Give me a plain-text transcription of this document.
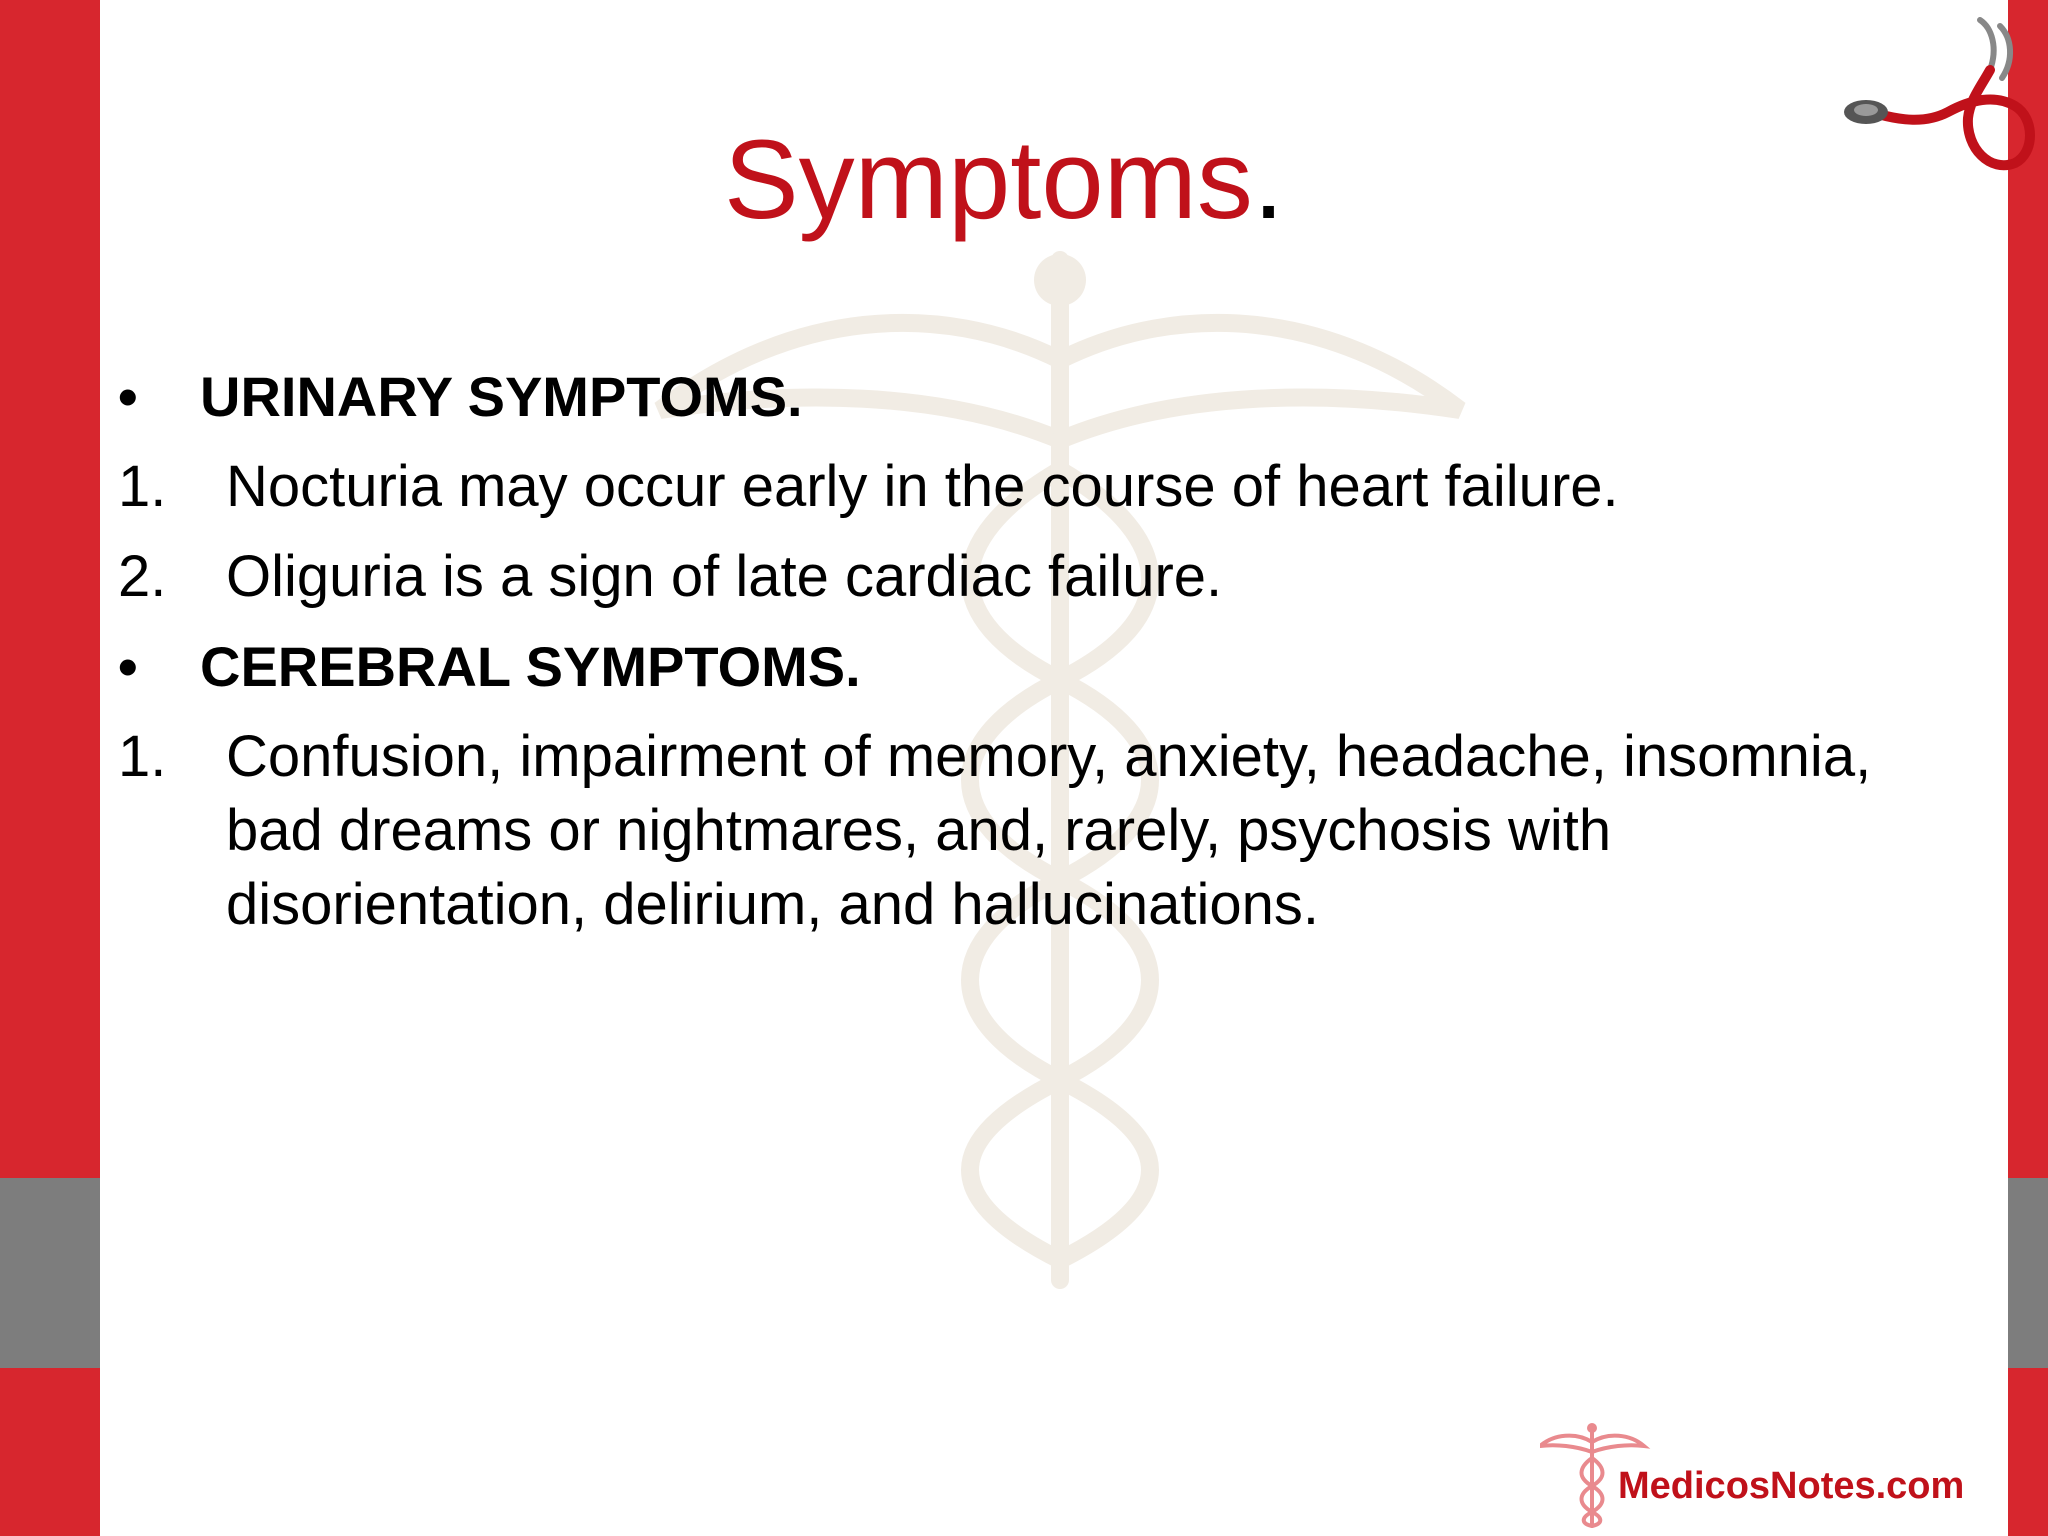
Symptoms.
•	URINARY SYMPTOMS.
1.	Nocturia may occur early in the course of heart failure.
2.	Oliguria is a sign of late cardiac failure.
•	CEREBRAL SYMPTOMS.
1.	Confusion, impairment of memory, anxiety, headache, insomnia, bad dreams or nightmares, and, rarely, psychosis with disorientation, delirium, and hallucinations.
MedicosNotes.com
